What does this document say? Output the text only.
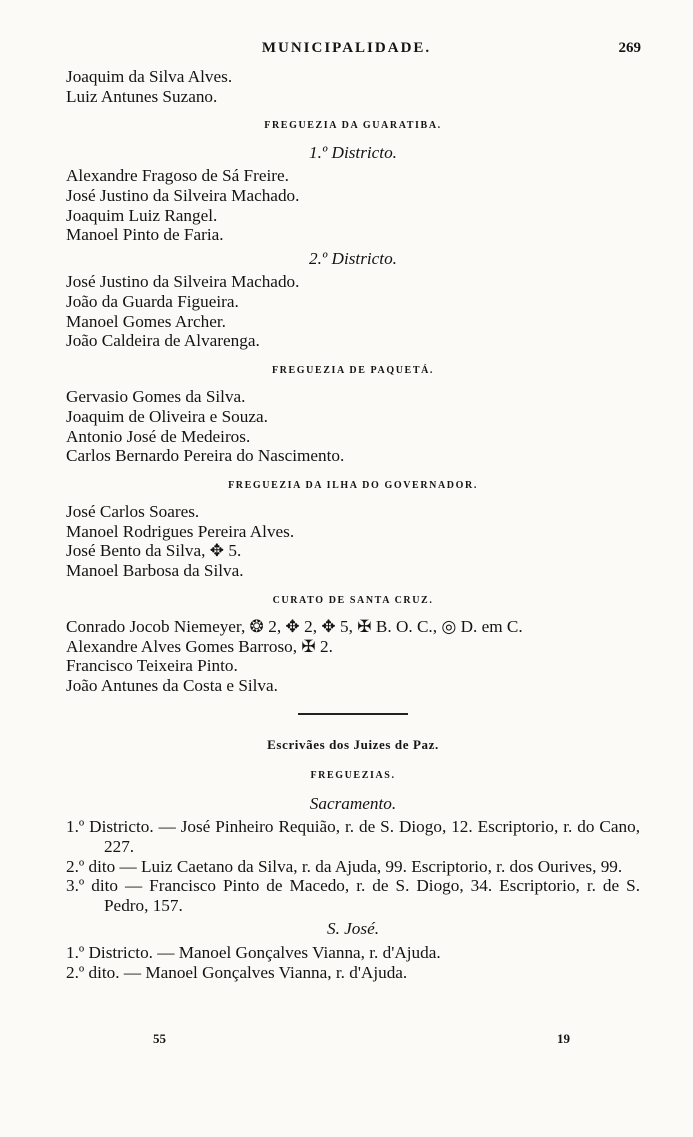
MUNICIPALIDADE.	269
Joaquim da Silva Alves.
Luiz Antunes Suzano.
FREGUEZIA DA GUARATIBA.
1.º Districto.
Alexandre Fragoso de Sá Freire.
José Justino da Silveira Machado.
Joaquim Luiz Rangel.
Manoel Pinto de Faria.
2.º Districto.
José Justino da Silveira Machado.
João da Guarda Figueira.
Manoel Gomes Archer.
João Caldeira de Alvarenga.
FREGUEZIA DE PAQUETÁ.
Gervasio Gomes da Silva.
Joaquim de Oliveira e Souza.
Antonio José de Medeiros.
Carlos Bernardo Pereira do Nascimento.
FREGUEZIA DA ILHA DO GOVERNADOR.
José Carlos Soares.
Manoel Rodrigues Pereira Alves.
José Bento da Silva, ✥ 5.
Manoel Barbosa da Silva.
CURATO DE SANTA CRUZ.
Conrado Jocob Niemeyer, ❂ 2, ✥ 2, ✥ 5, ✠ B. O. C., ◎ D. em C.
Alexandre Alves Gomes Barroso, ✠ 2.
Francisco Teixeira Pinto.
João Antunes da Costa e Silva.
Escrivães dos Juizes de Paz.
FREGUEZIAS.
Sacramento.
1.º Districto. — José Pinheiro Requião, r. de S. Diogo, 12. Escriptorio, r. do Cano, 227.
2.º dito — Luiz Caetano da Silva, r. da Ajuda, 99. Escriptorio, r. dos Ourives, 99.
3.º dito — Francisco Pinto de Macedo, r. de S. Diogo, 34. Escriptorio, r. de S. Pedro, 157.
S. José.
1.º Districto. — Manoel Gonçalves Vianna, r. d'Ajuda.
2.º dito. — Manoel Gonçalves Vianna, r. d'Ajuda.
55	19
